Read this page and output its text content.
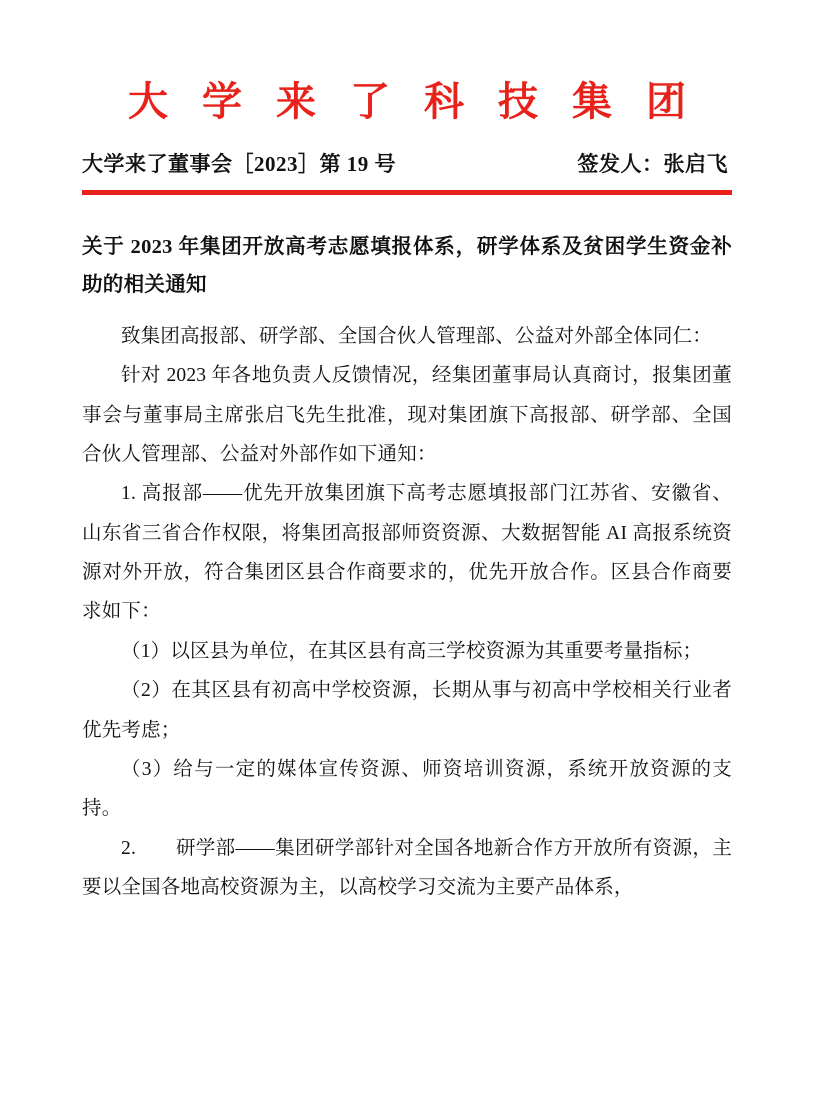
大 学 来 了 科 技 集 团
大学来了董事会［2023］第 19 号	签发人：张启飞
关于 2023 年集团开放高考志愿填报体系，研学体系及贫困学生资金补助的相关通知

致集团高报部、研学部、全国合伙人管理部、公益对外部全体同仁：

针对 2023 年各地负责人反馈情况，经集团董事局认真商讨，报集团董事会与董事局主席张启飞先生批准，现对集团旗下高报部、研学部、全国合伙人管理部、公益对外部作如下通知：

1. 高报部——优先开放集团旗下高考志愿填报部门江苏省、安徽省、山东省三省合作权限，将集团高报部师资资源、大数据智能 AI 高报系统资源对外开放，符合集团区县合作商要求的，优先开放合作。区县合作商要求如下：

（1）以区县为单位，在其区县有高三学校资源为其重要考量指标；

（2）在其区县有初高中学校资源，长期从事与初高中学校相关行业者优先考虑；

（3）给与一定的媒体宣传资源、师资培训资源，系统开放资源的支持。

2.　　研学部——集团研学部针对全国各地新合作方开放所有资源，主要以全国各地高校资源为主，以高校学习交流为主要产品体系，
